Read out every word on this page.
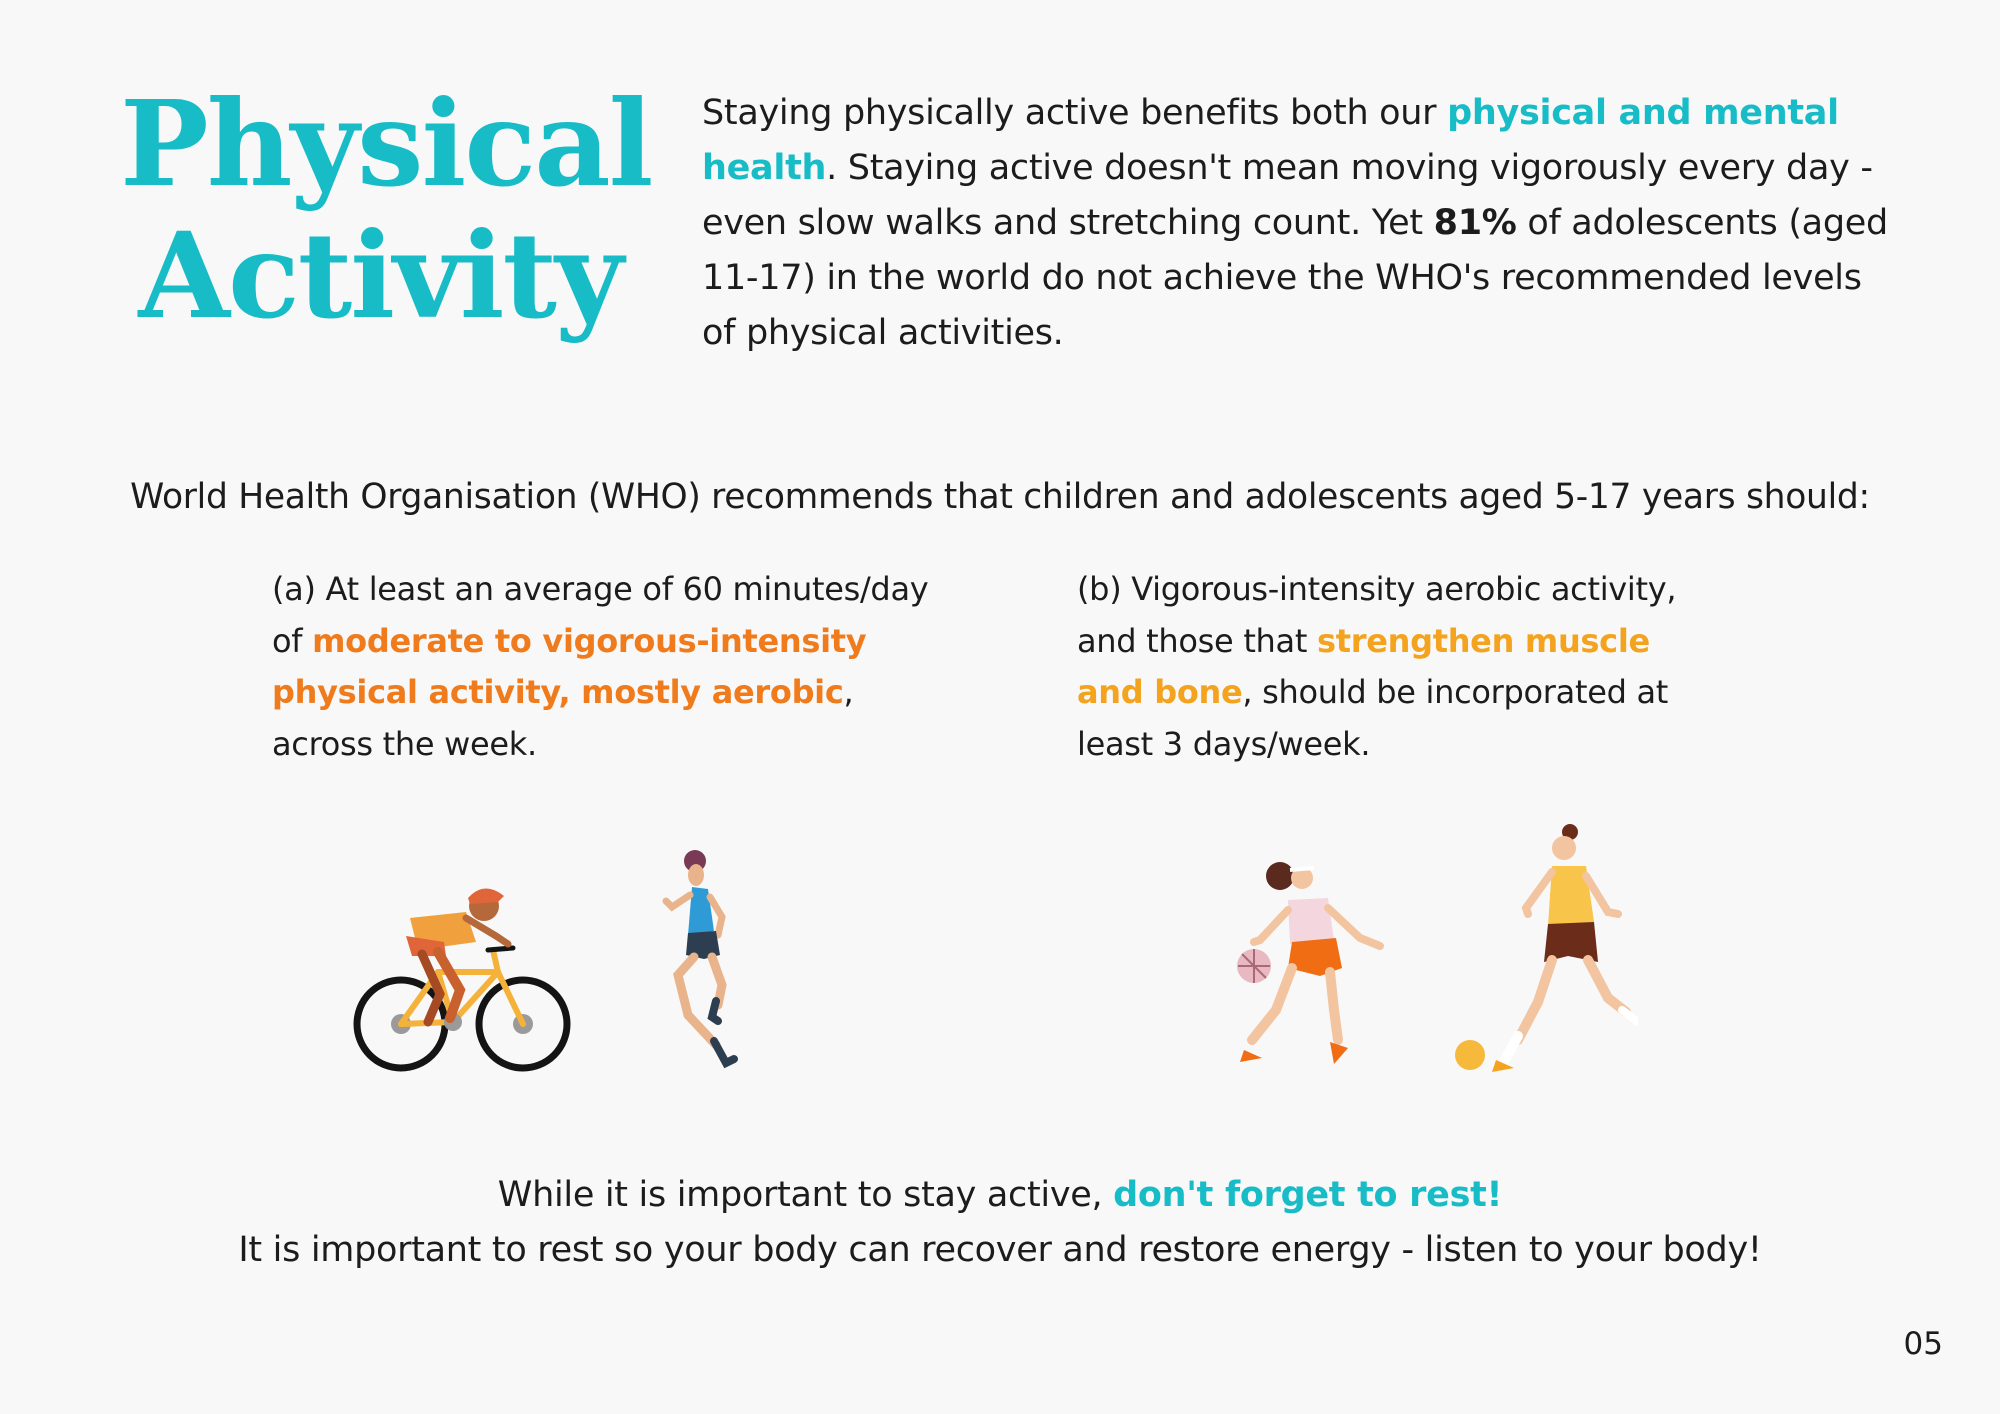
Physical
Activity

Staying physically active benefits both our physical and mental health. Staying active doesn't mean moving vigorously every day - even slow walks and stretching count. Yet 81% of adolescents (aged 11-17) in the world do not achieve the WHO's recommended levels of physical activities.

World Health Organisation (WHO) recommends that children and adolescents aged 5-17 years should:

(a) At least an average of 60 minutes/day of moderate to vigorous-intensity physical activity, mostly aerobic, across the week.

(b) Vigorous-intensity aerobic activity, and those that strengthen muscle and bone, should be incorporated at least 3 days/week.

While it is important to stay active, don't forget to rest!
It is important to rest so your body can recover and restore energy - listen to your body!

05
